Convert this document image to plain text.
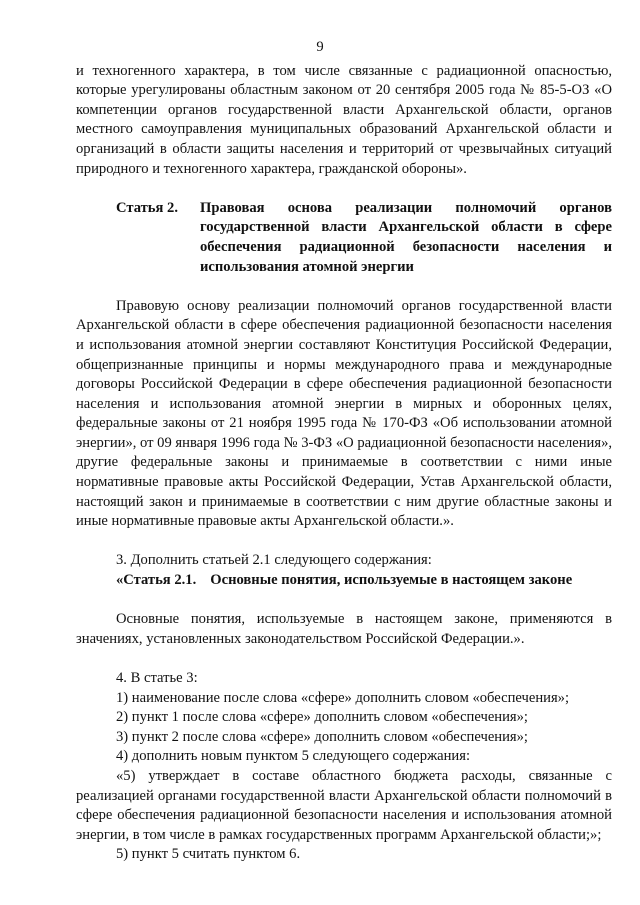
9

и техногенного характера, в том числе связанные с радиационной опасностью, которые урегулированы областным законом от 20 сентября 2005 года № 85-5-ОЗ «О компетенции органов государственной власти Архангельской области, органов местного самоуправления муниципальных образований Архангельской области и организаций в области защиты населения и территорий от чрезвычайных ситуаций природного и техногенного характера, гражданской обороны».

Статья 2.	Правовая основа реализации полномочий органов государственной власти Архангельской области в сфере обеспечения радиационной безопасности населения и использования атомной энергии

Правовую основу реализации полномочий органов государственной власти Архангельской области в сфере обеспечения радиационной безопасности населения и использования атомной энергии составляют Конституция Российской Федерации, общепризнанные принципы и нормы международного права и международные договоры Российской Федерации в сфере обеспечения радиационной безопасности населения и использования атомной энергии в мирных и оборонных целях, федеральные законы от 21 ноября 1995 года № 170-ФЗ «Об использовании атомной энергии», от 09 января 1996 года № 3-ФЗ «О радиационной безопасности населения», другие федеральные законы и принимаемые в соответствии с ними иные нормативные правовые акты Российской Федерации, Устав Архангельской области, настоящий закон и принимаемые в соответствии с ним другие областные законы и иные нормативные правовые акты Архангельской области.».

3. Дополнить статьей 2.1 следующего содержания:

«Статья 2.1. Основные понятия, используемые в настоящем законе

Основные понятия, используемые в настоящем законе, применяются в значениях, установленных законодательством Российской Федерации.».

4. В статье 3:

1) наименование после слова «сфере» дополнить словом «обеспечения»;

2) пункт 1 после слова «сфере» дополнить словом «обеспечения»;

3) пункт 2 после слова «сфере» дополнить словом «обеспечения»;

4) дополнить новым пунктом 5 следующего содержания:

«5) утверждает в составе областного бюджета расходы, связанные с реализацией органами государственной власти Архангельской области полномочий в сфере обеспечения радиационной безопасности населения и использования атомной энергии, в том числе в рамках государственных программ Архангельской области;»;

5) пункт 5 считать пунктом 6.
